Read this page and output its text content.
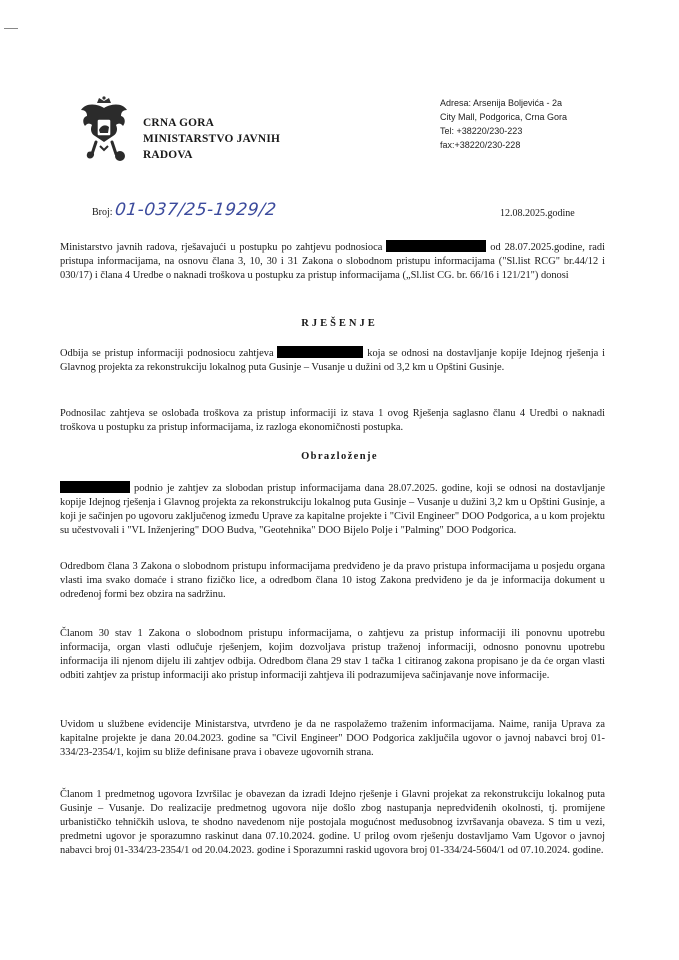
CRNA GORA
MINISTARSTVO JAVNIH
RADOVA
Adresa: Arsenija Boljevića - 2a
City Mall, Podgorica, Crna Gora
Tel: +38220/230-223
fax:+38220/230-228
Broj: 01-037/25-1929/2	12.08.2025.godine

Ministarstvo javnih radova, rješavajući u postupku po zahtjevu podnosioca	od 28.07.2025.godine, radi pristupa informacijama, na osnovu člana 3, 10, 30 i 31 Zakona o slobodnom pristupu informacijama ("Sl.list RCG" br.44/12 i 030/17) i člana 4 Uredbe o naknadi troškova u postupku za pristup informacijama („Sl.list CG. br. 66/16 i 121/21") donosi

RJEŠENJE

Odbija se pristup informaciji podnosiocu zahtjeva	koja se odnosi na dostavljanje kopije Idejnog rješenja i Glavnog projekta za rekonstrukciju lokalnog puta Gusinje – Vusanje u dužini od 3,2 km u Opštini Gusinje.

Podnosilac zahtjeva se oslobađa troškova za pristup informaciji iz stava 1 ovog Rješenja saglasno članu 4 Uredbi o naknadi troškova u postupku za pristup informacijama, iz razloga ekonomičnosti postupka.

Obrazloženje

podnio je zahtjev za slobodan pristup informacijama dana 28.07.2025. godine, koji se odnosi na dostavljanje kopije Idejnog rješenja i Glavnog projekta za rekonstrukciju lokalnog puta Gusinje – Vusanje u dužini 3,2 km u Opštini Gusinje, a koji je sačinjen po ugovoru zaključenog između Uprave za kapitalne projekte i "Civil Engineer" DOO Podgorica, a u kom projektu su učestvovali i "VL Inženjering" DOO Budva, "Geotehnika" DOO Bijelo Polje i "Palming" DOO Podgorica.

Odredbom člana 3 Zakona o slobodnom pristupu informacijama predviđeno je da pravo pristupa informacijama u posjedu organa vlasti ima svako domaće i strano fizičko lice, a odredbom člana 10 istog Zakona predviđeno je da je informacija dokument u određenoj formi bez obzira na sadržinu.

Članom 30 stav 1 Zakona o slobodnom pristupu informacijama, o zahtjevu za pristup informaciji ili ponovnu upotrebu informacija, organ vlasti odlučuje rješenjem, kojim dozvoljava pristup traženoj informaciji, odnosno ponovnu upotrebu informacija ili njenom dijelu ili zahtjev odbija. Odredbom člana 29 stav 1 tačka 1 citiranog zakona propisano je da će organ vlasti odbiti zahtjev za pristup informaciji ako pristup informaciji zahtjeva ili podrazumijeva sačinjavanje nove informacije.

Uvidom u službene evidencije Ministarstva, utvrđeno je da ne raspolažemo traženim informacijama. Naime, ranija Uprava za kapitalne projekte je dana 20.04.2023. godine sa "Civil Engineer" DOO Podgorica zaključila ugovor o javnoj nabavci broj 01-334/23-2354/1, kojim su bliže definisane prava i obaveze ugovornih strana.

Članom 1 predmetnog ugovora Izvršilac je obavezan da izradi Idejno rješenje i Glavni projekat za rekonstrukciju lokalnog puta Gusinje – Vusanje. Do realizacije predmetnog ugovora nije došlo zbog nastupanja nepredviđenih okolnosti, tj. promijene urbanističko tehničkih uslova, te shodno navedenom nije postojala mogućnost međusobnog izvršavanja obaveza. S tim u vezi, predmetni ugovor je sporazumno raskinut dana 07.10.2024. godine. U prilog ovom rješenju dostavljamo Vam Ugovor o javnoj nabavci broj 01-334/23-2354/1 od 20.04.2023. godine i Sporazumni raskid ugovora broj 01-334/24-5604/1 od 07.10.2024. godine.
